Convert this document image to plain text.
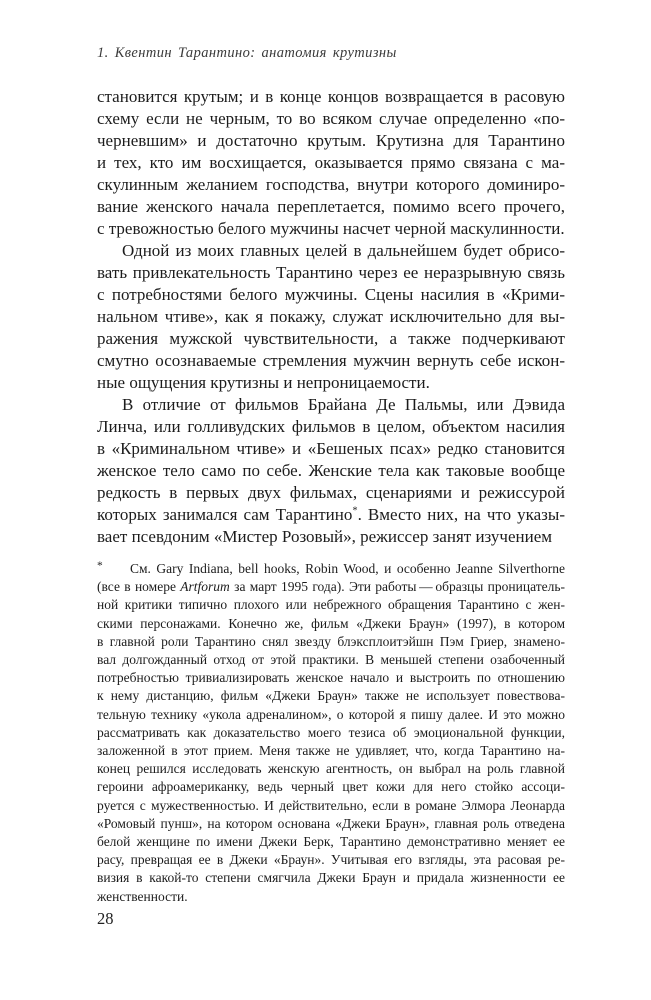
1. Квентин Тарантино: анатомия крутизны
становится крутым; и в конце концов возвращается в расовую
схему если не черным, то во всяком случае определенно «по-
черневшим» и достаточно крутым. Крутизна для Тарантино
и тех, кто им восхищается, оказывается прямо связана с ма-
скулинным желанием господства, внутри которого доминиро-
вание женского начала переплетается, помимо всего прочего,
с тревожностью белого мужчины насчет черной маскулинности.
Одной из моих главных целей в дальнейшем будет обрисо-
вать привлекательность Тарантино через ее неразрывную связь
с потребностями белого мужчины. Сцены насилия в «Крими-
нальном чтиве», как я покажу, служат исключительно для вы-
ражения мужской чувствительности, а также подчеркивают
смутно осознаваемые стремления мужчин вернуть себе искон-
ные ощущения крутизны и непроницаемости.
В отличие от фильмов Брайана Де Пальмы, или Дэвида
Линча, или голливудских фильмов в целом, объектом насилия
в «Криминальном чтиве» и «Бешеных псах» редко становится
женское тело само по себе. Женские тела как таковые вообще
редкость в первых двух фильмах, сценариями и режиссурой
которых занимался сам Тарантино*. Вместо них, на что указы-
вает псевдоним «Мистер Розовый», режиссер занят изучением
* См. Gary Indiana, bell hooks, Robin Wood, и особенно Jeanne Silverthorne
(все в номере Artforum за март 1995 года). Эти работы — образцы проницатель-
ной критики типично плохого или небрежного обращения Тарантино с жен-
скими персонажами. Конечно же, фильм «Джеки Браун» (1997), в котором
в главной роли Тарантино снял звезду блэксплоитэйшн Пэм Гриер, знамено-
вал долгожданный отход от этой практики. В меньшей степени озабоченный
потребностью тривиализировать женское начало и выстроить по отношению
к нему дистанцию, фильм «Джеки Браун» также не использует повествова-
тельную технику «укола адреналином», о которой я пишу далее. И это можно
рассматривать как доказательство моего тезиса об эмоциональной функции,
заложенной в этот прием. Меня также не удивляет, что, когда Тарантино на-
конец решился исследовать женскую агентность, он выбрал на роль главной
героини афроамериканку, ведь черный цвет кожи для него стойко ассоци-
руется с мужественностью. И действительно, если в романе Элмора Леонарда
«Ромовый пунш», на котором основана «Джеки Браун», главная роль отведена
белой женщине по имени Джеки Берк, Тарантино демонстративно меняет ее
расу, превращая ее в Джеки «Браун». Учитывая его взгляды, эта расовая ре-
визия в какой-то степени смягчила Джеки Браун и придала жизненности ее
женственности.
28
